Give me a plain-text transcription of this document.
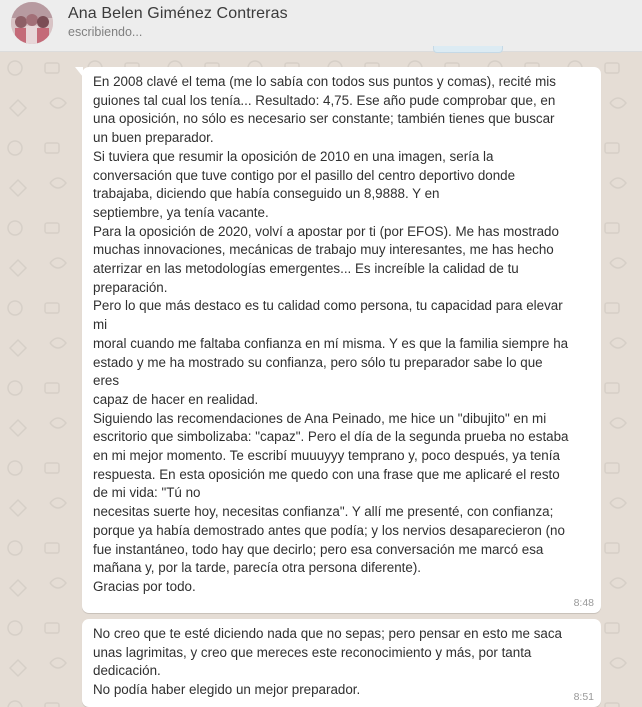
Ana Belen Giménez Contreras
escribiendo...
En 2008 clavé el tema (me lo sabía con todos sus puntos y comas), recité mis
guiones tal cual los tenía... Resultado: 4,75. Ese año pude comprobar que, en
una oposición, no sólo es necesario ser constante; también tienes que buscar
un buen preparador.
Si tuviera que resumir la oposición de 2010 en una imagen, sería la
conversación que tuve contigo por el pasillo del centro deportivo donde
trabajaba, diciendo que había conseguido un 8,9888. Y en
septiembre, ya tenía vacante.
Para la oposición de 2020, volví a apostar por ti (por EFOS). Me has mostrado
muchas innovaciones, mecánicas de trabajo muy interesantes, me has hecho
aterrizar en las metodologías emergentes... Es increíble la calidad de tu
preparación.
Pero lo que más destaco es tu calidad como persona, tu capacidad para elevar
mi
moral cuando me faltaba confianza en mí misma. Y es que la familia siempre ha
estado y me ha mostrado su confianza, pero sólo tu preparador sabe lo que
eres
capaz de hacer en realidad.
Siguiendo las recomendaciones de Ana Peinado, me hice un "dibujito" en mi
escritorio que simbolizaba: "capaz". Pero el día de la segunda prueba no estaba
en mi mejor momento. Te escribí muuuyyy temprano y, poco después, ya tenía
respuesta. En esta oposición me quedo con una frase que me aplicaré el resto
de mi vida: "Tú no
necesitas suerte hoy, necesitas confianza". Y allí me presenté, con confianza;
porque ya había demostrado antes que podía; y los nervios desaparecieron (no
fue instantáneo, todo hay que decirlo; pero esa conversación me marcó esa
mañana y, por la tarde, parecía otra persona diferente).
Gracias por todo.
8:48
No creo que te esté diciendo nada que no sepas; pero pensar en esto me saca
unas lagrimitas, y creo que mereces este reconocimiento y más, por tanta
dedicación.
No podía haber elegido un mejor preparador.	8:51
